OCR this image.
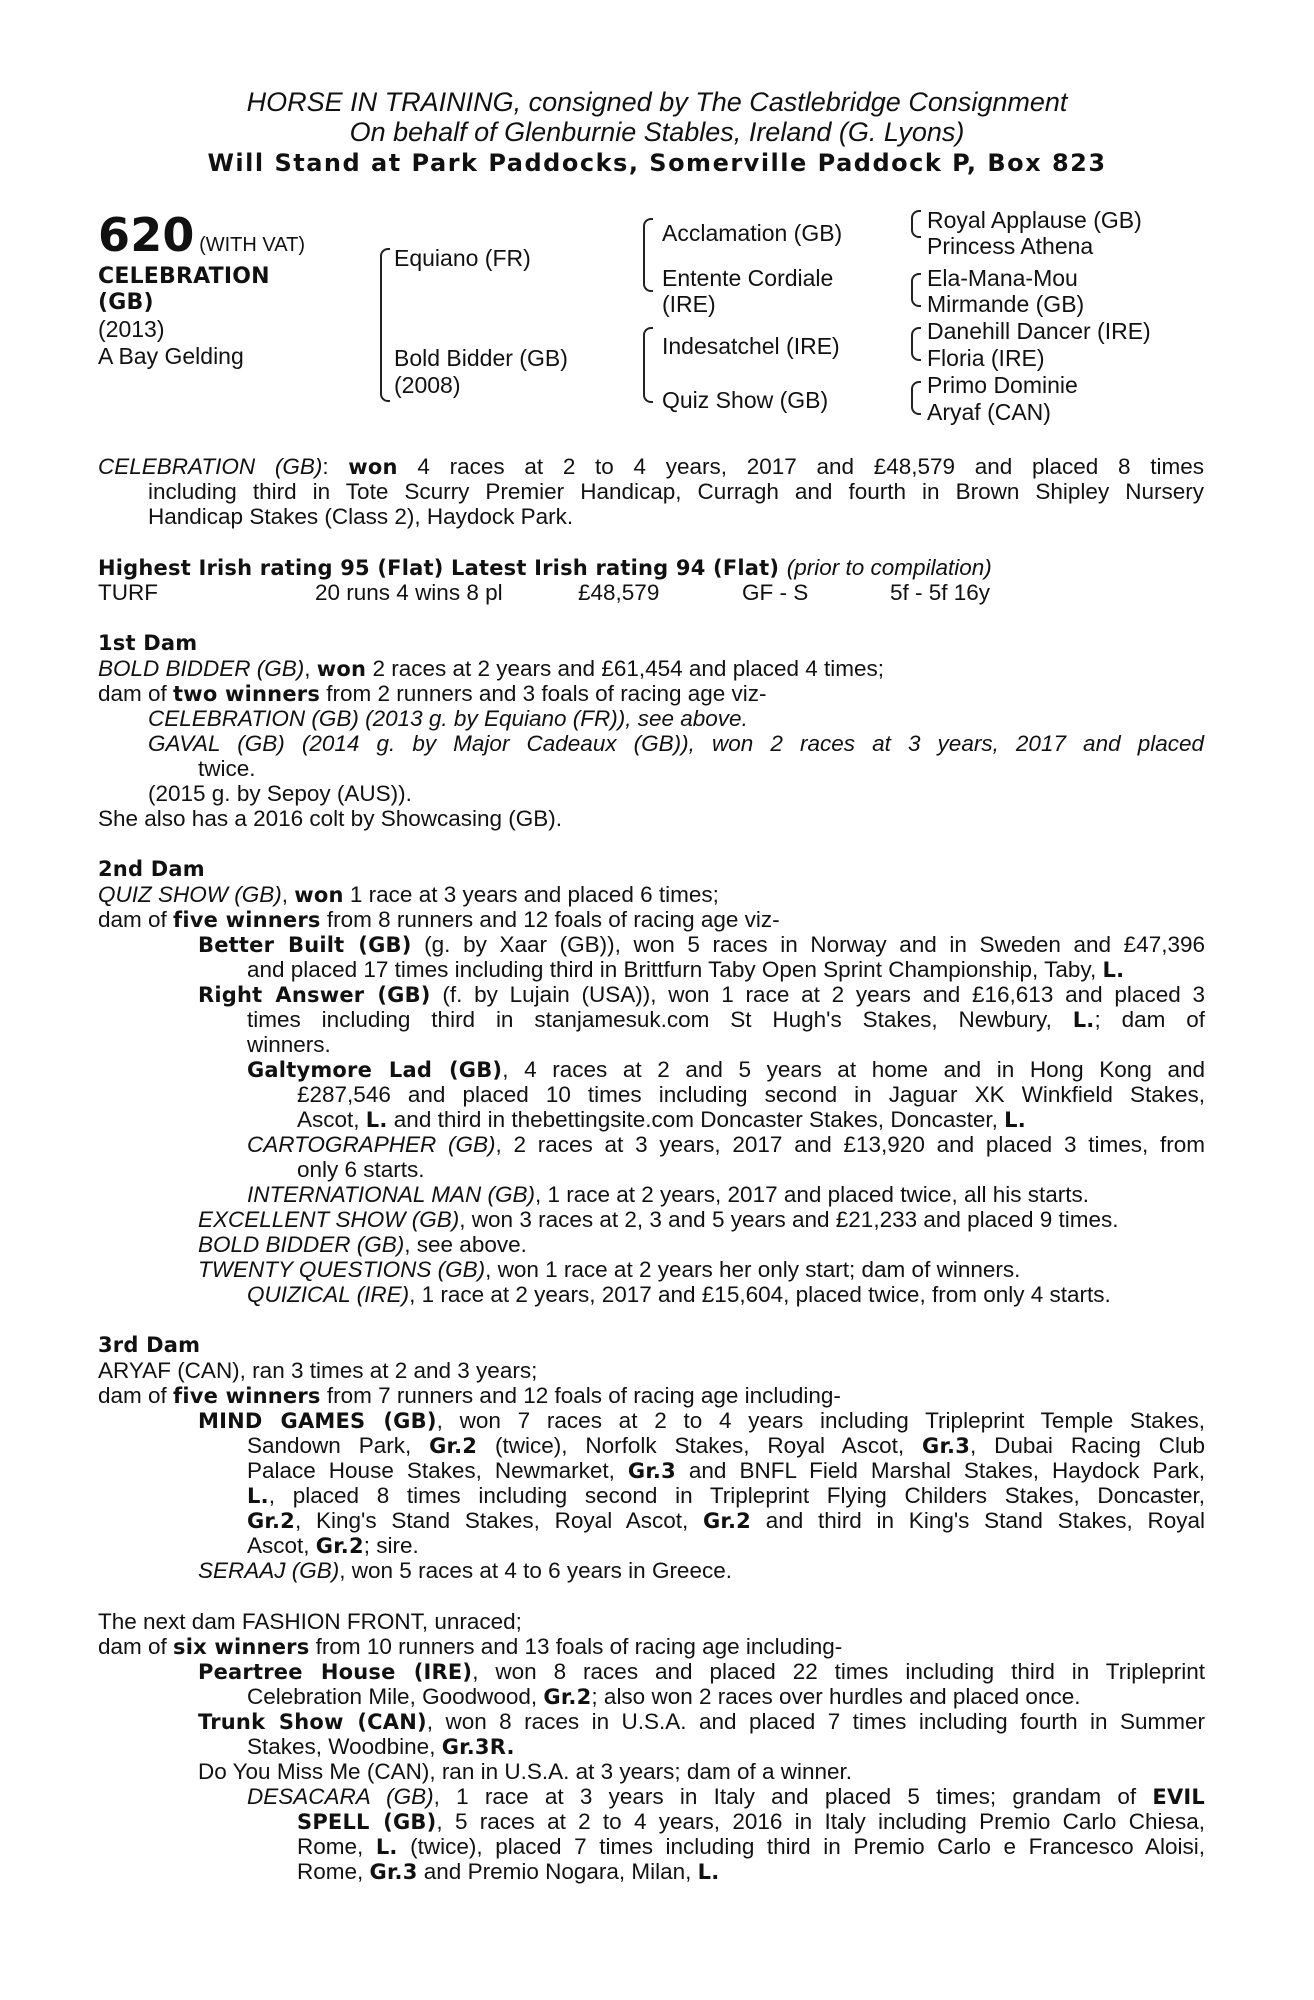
HORSE IN TRAINING, consigned by The Castlebridge Consignment
On behalf of Glenburnie Stables, Ireland (G. Lyons)
Will Stand at Park Paddocks, Somerville Paddock P, Box 823
620 (WITH VAT)
CELEBRATION
(GB)
(2013)
A Bay Gelding
Equiano (FR)
Bold Bidder (GB)
(2008)
Acclamation (GB)
Entente Cordiale
(IRE)
Indesatchel (IRE)
Quiz Show (GB)
Royal Applause (GB)
Princess Athena
Ela-Mana-Mou
Mirmande (GB)
Danehill Dancer (IRE)
Floria (IRE)
Primo Dominie
Aryaf (CAN)
CELEBRATION (GB): won 4 races at 2 to 4 years, 2017 and £48,579 and placed 8 times
including third in Tote Scurry Premier Handicap, Curragh and fourth in Brown Shipley Nursery
Handicap Stakes (Class 2), Haydock Park.
Highest Irish rating 95 (Flat) Latest Irish rating 94 (Flat) (prior to compilation)
TURF	20 runs 4 wins 8 pl	£48,579	GF - S	5f - 5f 16y
1st Dam
BOLD BIDDER (GB), won 2 races at 2 years and £61,454 and placed 4 times;
dam of two winners from 2 runners and 3 foals of racing age viz-
CELEBRATION (GB) (2013 g. by Equiano (FR)), see above.
GAVAL (GB) (2014 g. by Major Cadeaux (GB)), won 2 races at 3 years, 2017 and placed
twice.
(2015 g. by Sepoy (AUS)).
She also has a 2016 colt by Showcasing (GB).
2nd Dam
QUIZ SHOW (GB), won 1 race at 3 years and placed 6 times;
dam of five winners from 8 runners and 12 foals of racing age viz-
Better Built (GB) (g. by Xaar (GB)), won 5 races in Norway and in Sweden and £47,396
and placed 17 times including third in Brittfurn Taby Open Sprint Championship, Taby, L.
Right Answer (GB) (f. by Lujain (USA)), won 1 race at 2 years and £16,613 and placed 3
times including third in stanjamesuk.com St Hugh's Stakes, Newbury, L.; dam of
winners.
Galtymore Lad (GB), 4 races at 2 and 5 years at home and in Hong Kong and
£287,546 and placed 10 times including second in Jaguar XK Winkfield Stakes,
Ascot, L. and third in thebettingsite.com Doncaster Stakes, Doncaster, L.
CARTOGRAPHER (GB), 2 races at 3 years, 2017 and £13,920 and placed 3 times, from
only 6 starts.
INTERNATIONAL MAN (GB), 1 race at 2 years, 2017 and placed twice, all his starts.
EXCELLENT SHOW (GB), won 3 races at 2, 3 and 5 years and £21,233 and placed 9 times.
BOLD BIDDER (GB), see above.
TWENTY QUESTIONS (GB), won 1 race at 2 years her only start; dam of winners.
QUIZICAL (IRE), 1 race at 2 years, 2017 and £15,604, placed twice, from only 4 starts.
3rd Dam
ARYAF (CAN), ran 3 times at 2 and 3 years;
dam of five winners from 7 runners and 12 foals of racing age including-
MIND GAMES (GB), won 7 races at 2 to 4 years including Tripleprint Temple Stakes,
Sandown Park, Gr.2 (twice), Norfolk Stakes, Royal Ascot, Gr.3, Dubai Racing Club
Palace House Stakes, Newmarket, Gr.3 and BNFL Field Marshal Stakes, Haydock Park,
L., placed 8 times including second in Tripleprint Flying Childers Stakes, Doncaster,
Gr.2, King's Stand Stakes, Royal Ascot, Gr.2 and third in King's Stand Stakes, Royal
Ascot, Gr.2; sire.
SERAAJ (GB), won 5 races at 4 to 6 years in Greece.
The next dam FASHION FRONT, unraced;
dam of six winners from 10 runners and 13 foals of racing age including-
Peartree House (IRE), won 8 races and placed 22 times including third in Tripleprint
Celebration Mile, Goodwood, Gr.2; also won 2 races over hurdles and placed once.
Trunk Show (CAN), won 8 races in U.S.A. and placed 7 times including fourth in Summer
Stakes, Woodbine, Gr.3R.
Do You Miss Me (CAN), ran in U.S.A. at 3 years; dam of a winner.
DESACARA (GB), 1 race at 3 years in Italy and placed 5 times; grandam of EVIL
SPELL (GB), 5 races at 2 to 4 years, 2016 in Italy including Premio Carlo Chiesa,
Rome, L. (twice), placed 7 times including third in Premio Carlo e Francesco Aloisi,
Rome, Gr.3 and Premio Nogara, Milan, L.
